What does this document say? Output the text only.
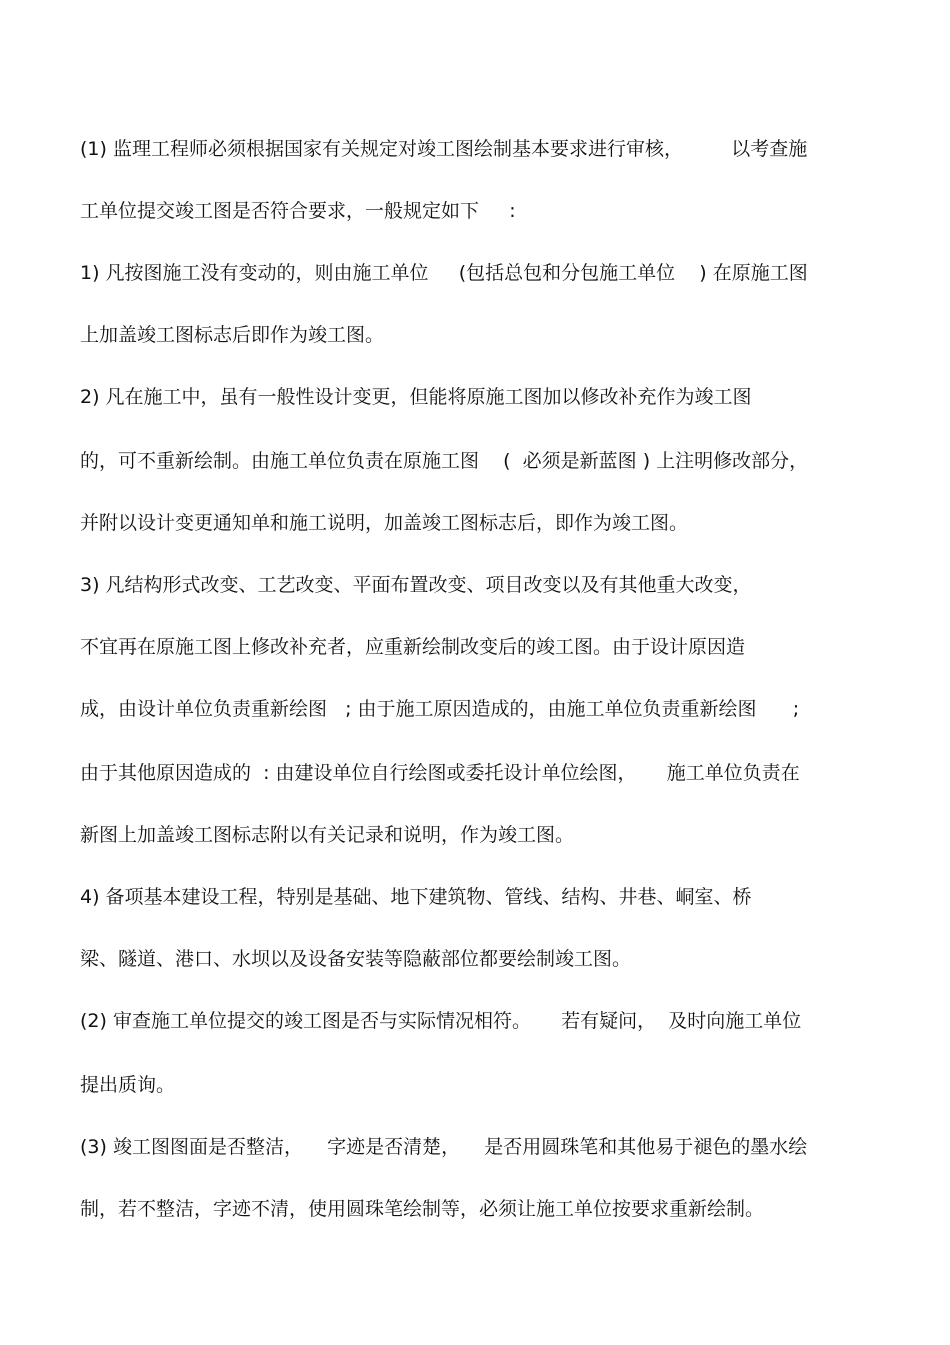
(1) 监理工程师必须根据国家有关规定对竣工图绘制基本要求进行审核，        以考查施
工单位提交竣工图是否符合要求，一般规定如下     :
1) 凡按图施工没有变动的，则由施工单位     (包括总包和分包施工单位    ) 在原施工图
上加盖竣工图标志后即作为竣工图。
2) 凡在施工中，虽有一般性设计变更，但能将原施工图加以修改补充作为竣工图
的，可不重新绘制。由施工单位负责在原施工图    (  必须是新蓝图 ) 上注明修改部分，
并附以设计变更通知单和施工说明，加盖竣工图标志后，即作为竣工图。
3) 凡结构形式改变、工艺改变、平面布置改变、项目改变以及有其他重大改变，
不宜再在原施工图上修改补充者，应重新绘制改变后的竣工图。由于设计原因造
成，由设计单位负责重新绘图   ; 由于施工原因造成的，由施工单位负责重新绘图      ;
由于其他原因造成的  : 由建设单位自行绘图或委托设计单位绘图，     施工单位负责在
新图上加盖竣工图标志附以有关记录和说明，作为竣工图。
4) 备项基本建设工程，特别是基础、地下建筑物、管线、结构、井巷、峒室、桥
梁、隧道、港口、水坝以及设备安装等隐蔽部位都要绘制竣工图。
(2) 审查施工单位提交的竣工图是否与实际情况相符。     若有疑问，  及时向施工单位
提出质询。
(3) 竣工图图面是否整洁，    字迹是否清楚，    是否用圆珠笔和其他易于褪色的墨水绘
制，若不整洁，字迹不清，使用圆珠笔绘制等，必须让施工单位按要求重新绘制。
